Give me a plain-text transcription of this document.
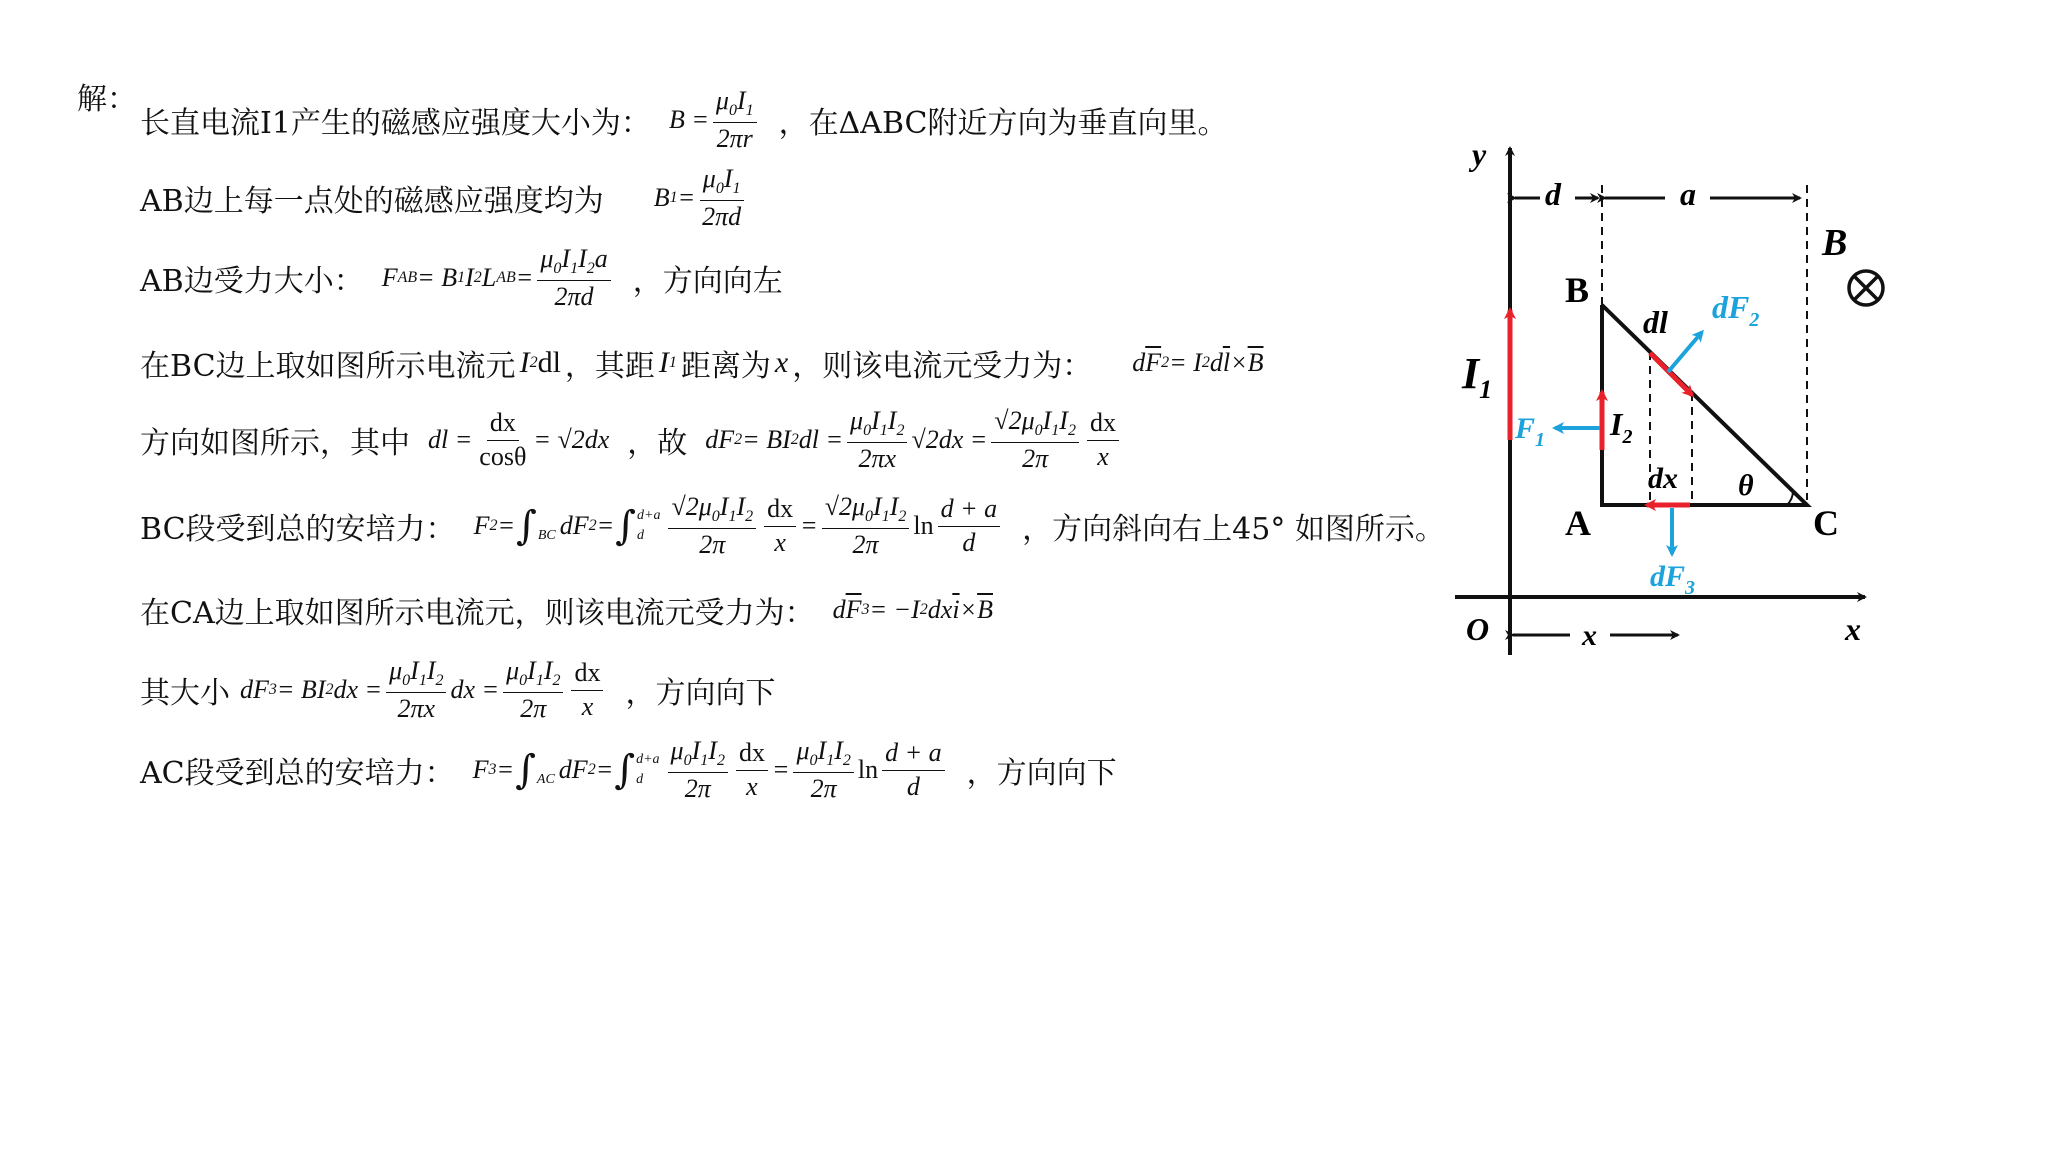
解：
长直电流I1产生的磁感应强度大小为： $B = \frac{\mu_0I_1}{2\pi r}$ ，在ΔABC附近方向为垂直向里。
AB边上每一点处的磁感应强度均为 B $1 = \frac{\mu_0I_1}{2\pi d}$
AB边受力大小： F AB = B 1 I 2 L AB = $\frac{\mu_0I_1I_2a}{2\pi d}$ ，方向向左
在BC边上取如图所示电流元 I 2 dl ，其距 I 1 距离为 x ，则该电流元受力为： d $\overline{F}$ 2 = I 2 d $\overline{l} \times \overline{B}$
方向如图所示，其中 dl = $\frac{dx}{\cos\theta} = √2dx$ ，故 dF 2 = BI 2 dl = $\frac{\mu_0I_1I_2}{2\pi x} √2dx = \frac{√2\mu_0I_1I_2}{2\pi} \frac{dx}{x}$
BC段受到总的安培力： F 2 = ∫
BC dF 2 = ∫ d+a
d $\frac{√2\mu_0I_1I_2}{2\pi} \frac{dx}{x} = \frac{√2\mu_0I_1I_2}{2\pi}$ $\ln \frac{d + a}{d}$ ，方向斜向右上45° 如图所示。
在CA边上取如图所示电流元，则该电流元受力为： d $\overline{F}$ 3 = −I 2 dx $\overline{i} \times \overline{B}$
其大小 dF 3 = BI 2 dx = $\frac{\mu_0I_1I_2}{2\pi x}$ dx = $\frac{\mu_0I_1I_2}{2\pi} \frac{dx}{x}$ ，方向向下
AC段受到总的安培力： F 3 = ∫
AC dF 2 = ∫ d+a
d $\frac{\mu_0I_1I_2}{2\pi} \frac{dx}{x} = \frac{\mu_0I_1I_2}{2\pi}$ $\ln \frac{d + a}{d}$ ，方向向下
y
x
O
d	a
x
B
A	C
θ
B
$I_1$
$I_2$
$F_1$
dl $dF_2$
dx
$dF_3$
